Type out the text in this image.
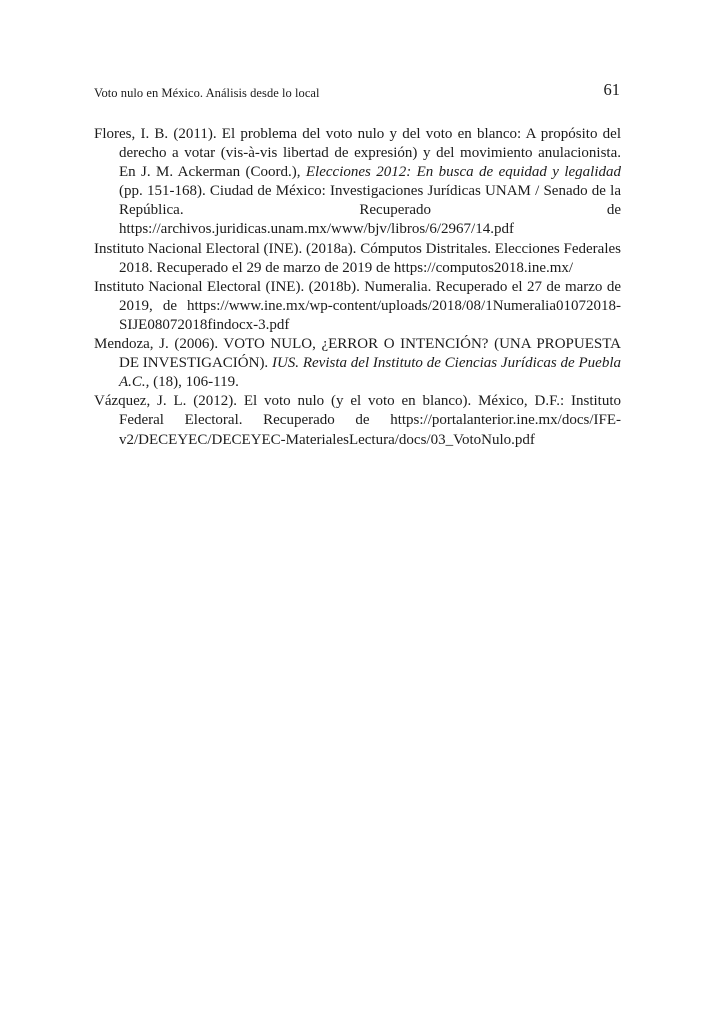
Voto nulo en México. Análisis desde lo local	61

Flores, I. B. (2011). El problema del voto nulo y del voto en blanco: A propósito del derecho a votar (vis-à-vis libertad de expresión) y del movimiento anulacionista. En J. M. Ackerman (Coord.), Elecciones 2012: En busca de equidad y legalidad (pp. 151-168). Ciudad de México: Investigaciones Jurídicas UNAM / Senado de la República. Recuperado de https://archivos.juridicas.unam.mx/www/bjv/libros/6/2967/14.pdf

Instituto Nacional Electoral (INE). (2018a). Cómputos Distritales. Elecciones Federales 2018. Recuperado el 29 de marzo de 2019 de https://computos2018.ine.mx/

Instituto Nacional Electoral (INE). (2018b). Numeralia. Recuperado el 27 de marzo de 2019, de https://www.ine.mx/wp-content/uploads/2018/08/1Numeralia01072018-SIJE08072018findocx-3.pdf

Mendoza, J. (2006). VOTO NULO, ¿ERROR O INTENCIÓN? (UNA PROPUESTA DE INVESTIGACIÓN). IUS. Revista del Instituto de Ciencias Jurídicas de Puebla A.C., (18), 106-119.

Vázquez, J. L. (2012). El voto nulo (y el voto en blanco). México, D.F.: Instituto Federal Electoral. Recuperado de https://portalanterior.ine.mx/docs/IFE-v2/DECEYEC/DECEYEC-MaterialesLectura/docs/03_VotoNulo.pdf
